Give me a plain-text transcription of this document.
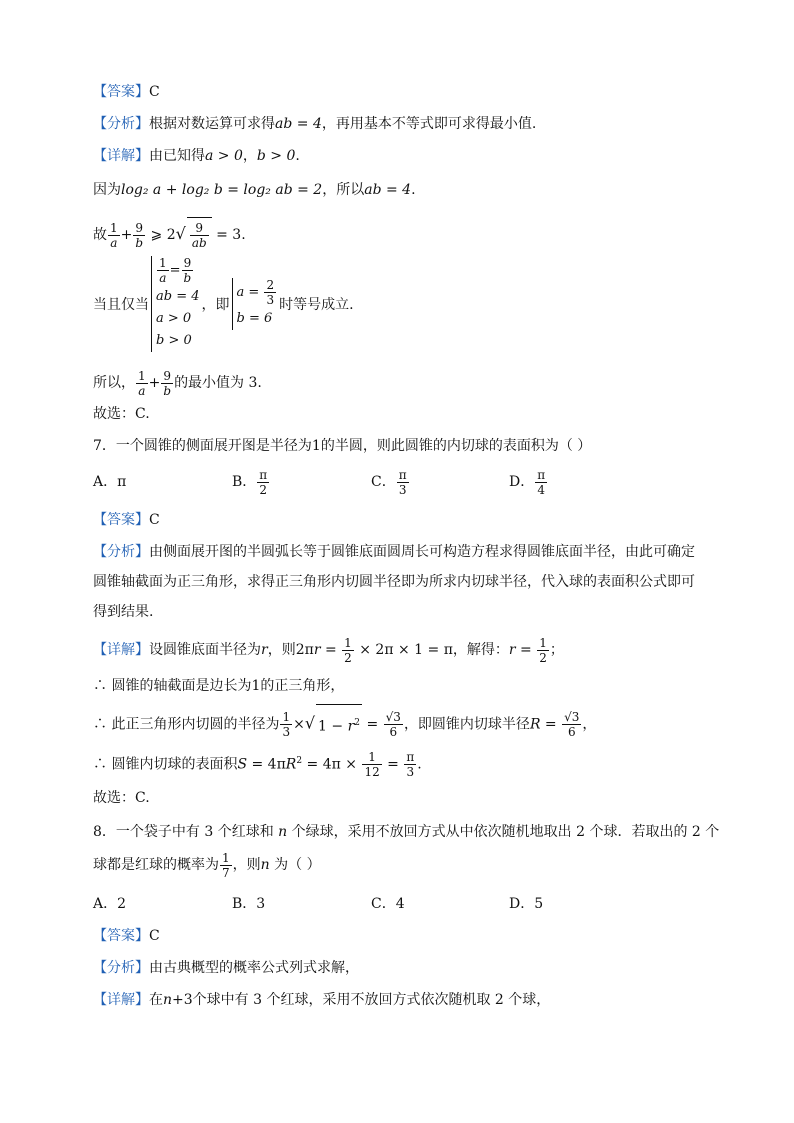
【答案】C
【分析】根据对数运算可求得ab = 4，再用基本不等式即可求得最小值.
【详解】由已知得a > 0，b > 0.
因为log₂ a + log₂ b = log₂ ab = 2，所以ab = 4.
故 $\frac{1}{a} + \frac{9}{b}$ ⩾ $2√ \frac{9}{ab} = 3$.
当且仅当
$\frac{1}{a} = \frac{9}{b}$
ab = 4
a > 0
b > 0
，即
$a = \frac{2}{3}$
b = 6
时等号成立.
所以， $\frac{1}{a} + \frac{9}{b}$ 的最小值为 3.
故选：C.
7．一个圆锥的侧面展开图是半径为1的半圆，则此圆锥的内切球的表面积为（ ）
A．π	B． $\frac{\pi}{2}$	C． $\frac{\pi}{3}$	D． $\frac{\pi}{4}$
【答案】C
【分析】由侧面展开图的半圆弧长等于圆锥底面圆周长可构造方程求得圆锥底面半径，由此可确定
圆锥轴截面为正三角形，求得正三角形内切圆半径即为所求内切球半径，代入球的表面积公式即可
得到结果.
【详解】设圆锥底面半径为r，则$2\pi r = \frac{1}{2} \times 2\pi \times 1 = \pi$，解得：$r = \frac{1}{2}$ ；
∴ 圆锥的轴截面是边长为1的正三角形，
∴ 此正三角形内切圆的半径为 $\frac{1}{3}$ ×√ $1 - r^2 = \frac{√3}{6}$ ，即圆锥内切球半径$R = \frac{√3}{6}$ ，
∴ 圆锥内切球的表面积$S = 4\pi R^2 = 4\pi \times \frac{1}{12} = \frac{\pi}{3}$ .
故选：C.
8．一个袋子中有 3 个红球和 n 个绿球，采用不放回方式从中依次随机地取出 2 个球．若取出的 2 个
球都是红球的概率为 $\frac{1}{7}$ ，则n 为（ ）
A．2	B．3	C．4	D．5
【答案】C
【分析】由古典概型的概率公式列式求解，
【详解】在n+3个球中有 3 个红球，采用不放回方式依次随机取 2 个球，
